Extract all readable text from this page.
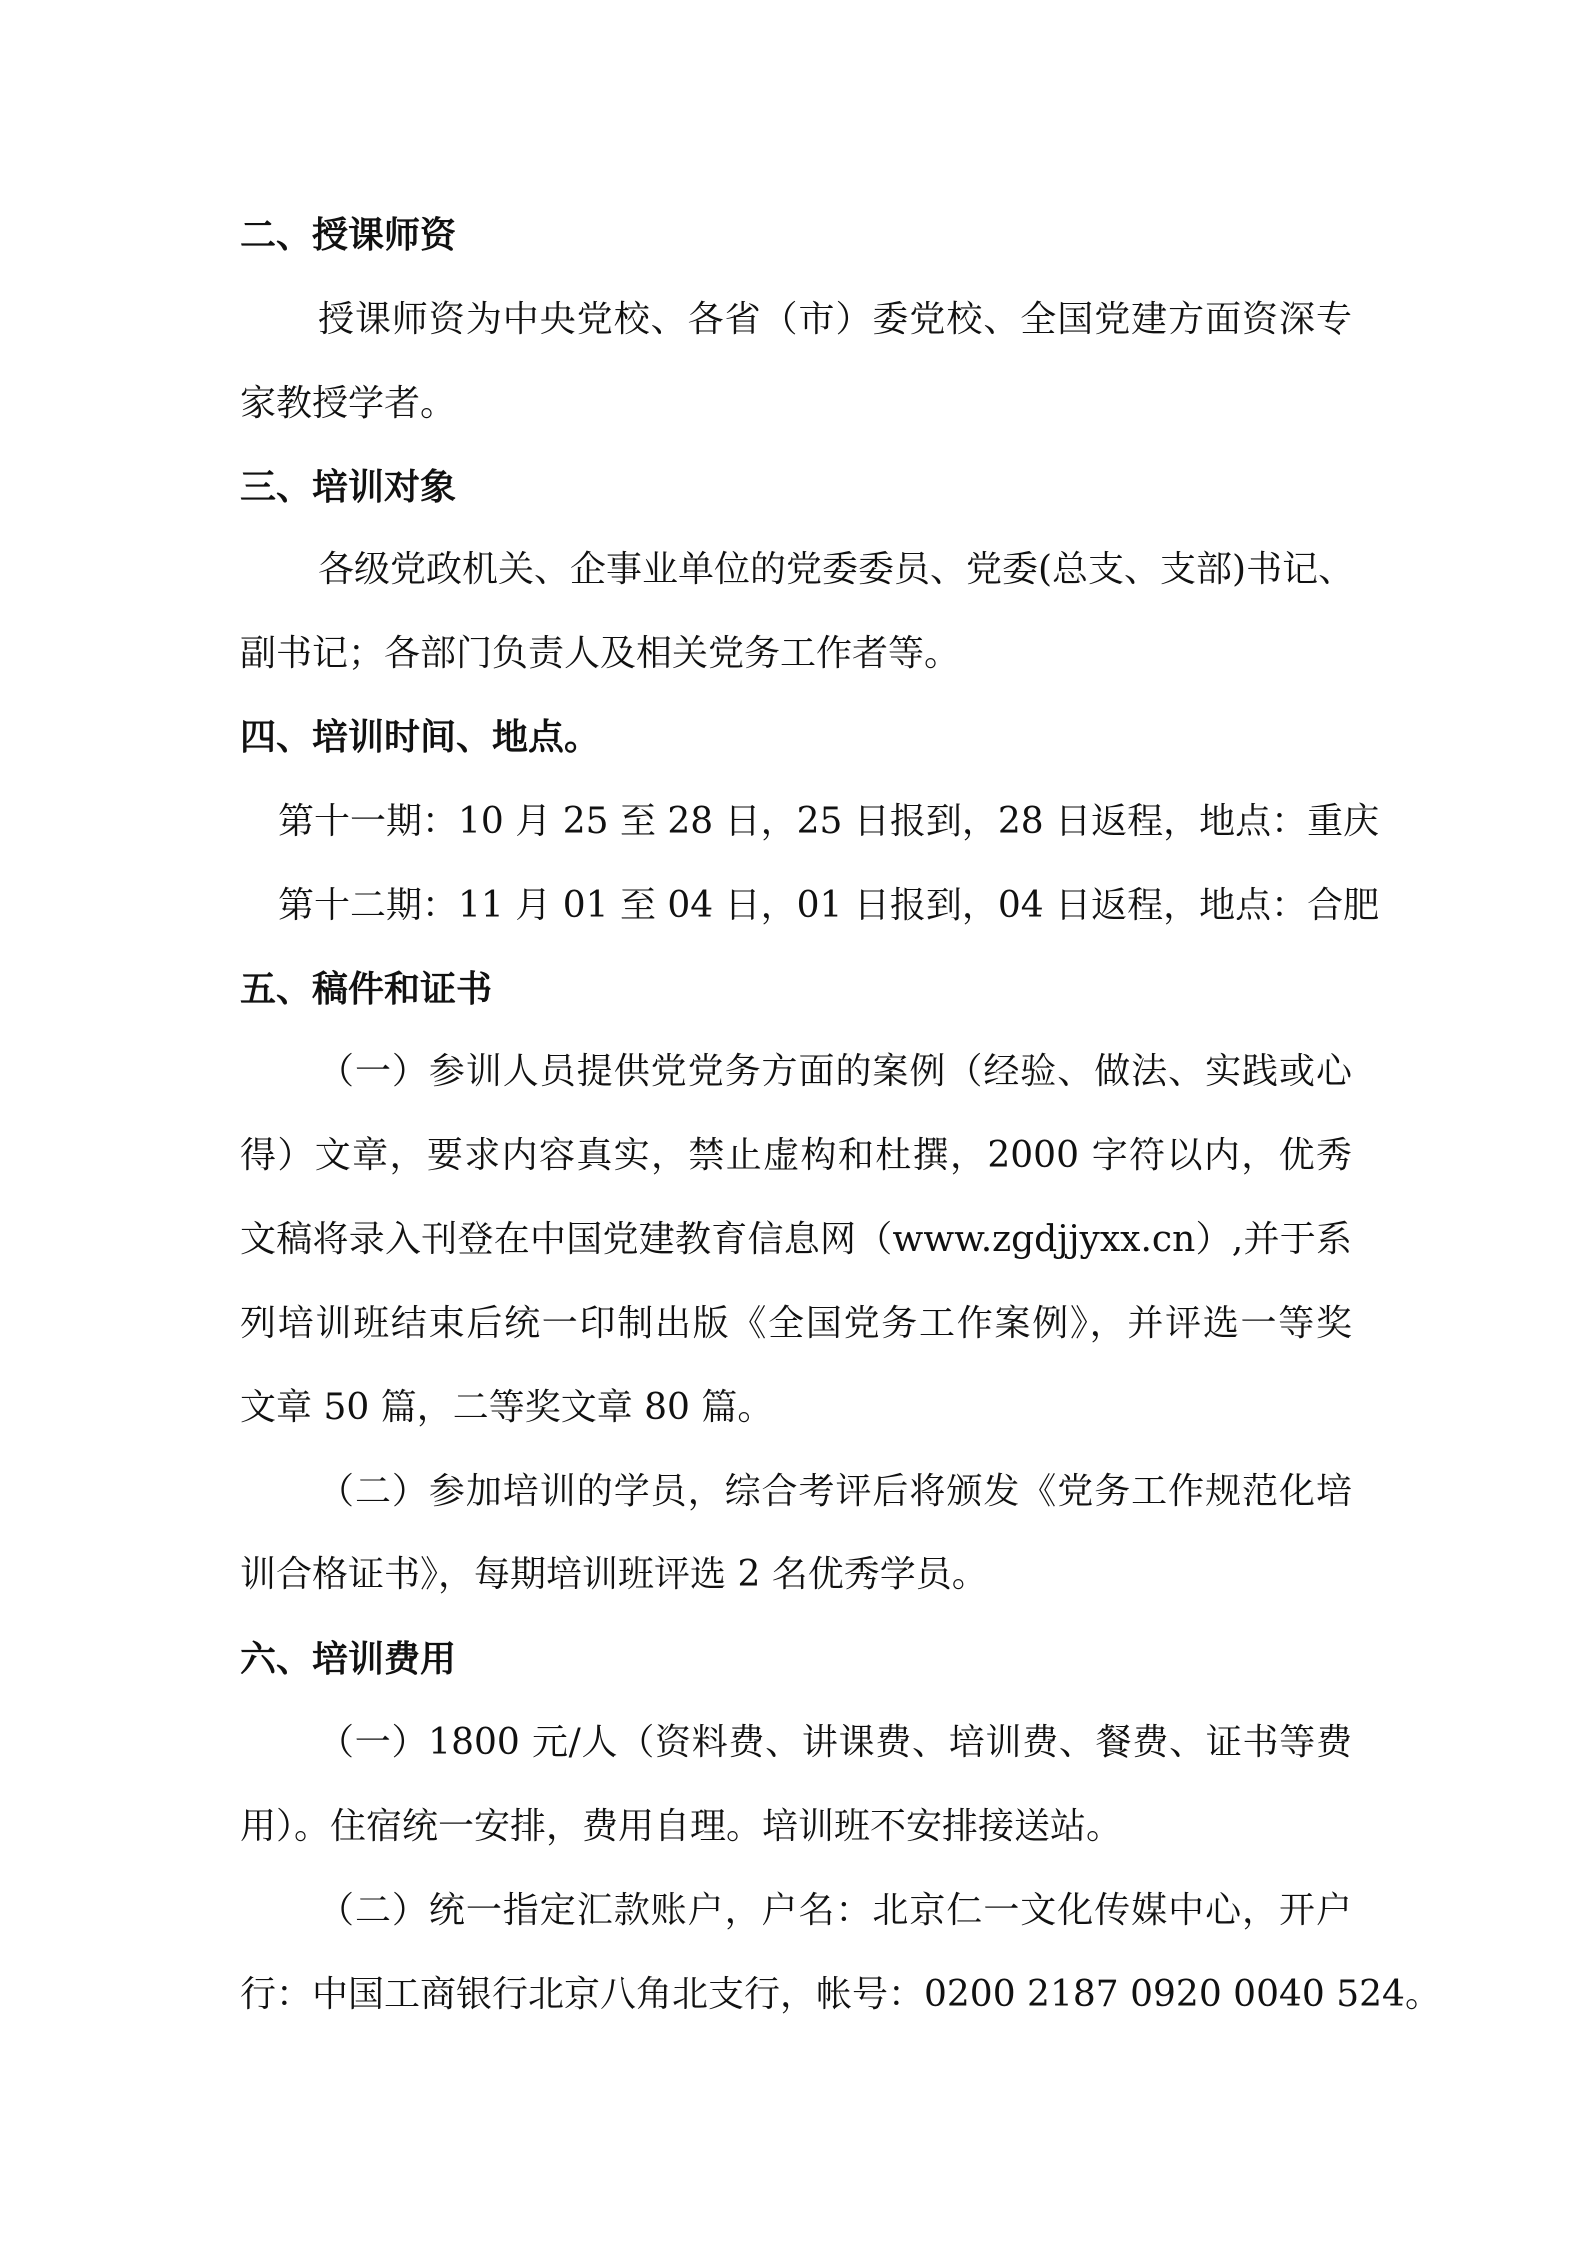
二、授课师资
授课师资为中央党校、各省（市）委党校、全国党建方面资深专
家教授学者。
三、培训对象
各级党政机关、企事业单位的党委委员、党委(总支、支部)书记、
副书记；各部门负责人及相关党务工作者等。
四、培训时间、地点。
第十一期：10 月 25 至 28 日，25 日报到，28 日返程，地点：重庆
第十二期：11 月 01 至 04 日，01 日报到，04 日返程，地点：合肥
五、稿件和证书
（一）参训人员提供党党务方面的案例（经验、做法、实践或心
得）文章，要求内容真实，禁止虚构和杜撰，2000 字符以内，优秀
文稿将录入刊登在中国党建教育信息网（www.zgdjjyxx.cn）,并于系
列培训班结束后统一印制出版《全国党务工作案例》，并评选一等奖
文章 50 篇，二等奖文章 80 篇。
（二）参加培训的学员，综合考评后将颁发《党务工作规范化培
训合格证书》，每期培训班评选 2 名优秀学员。
六、培训费用
（一）1800 元/人（资料费、讲课费、培训费、餐费、证书等费
用）。住宿统一安排，费用自理。培训班不安排接送站。
（二）统一指定汇款账户，户名：北京仁一文化传媒中心，开户
行：中国工商银行北京八角北支行，帐号：0200 2187 0920 0040 524。
